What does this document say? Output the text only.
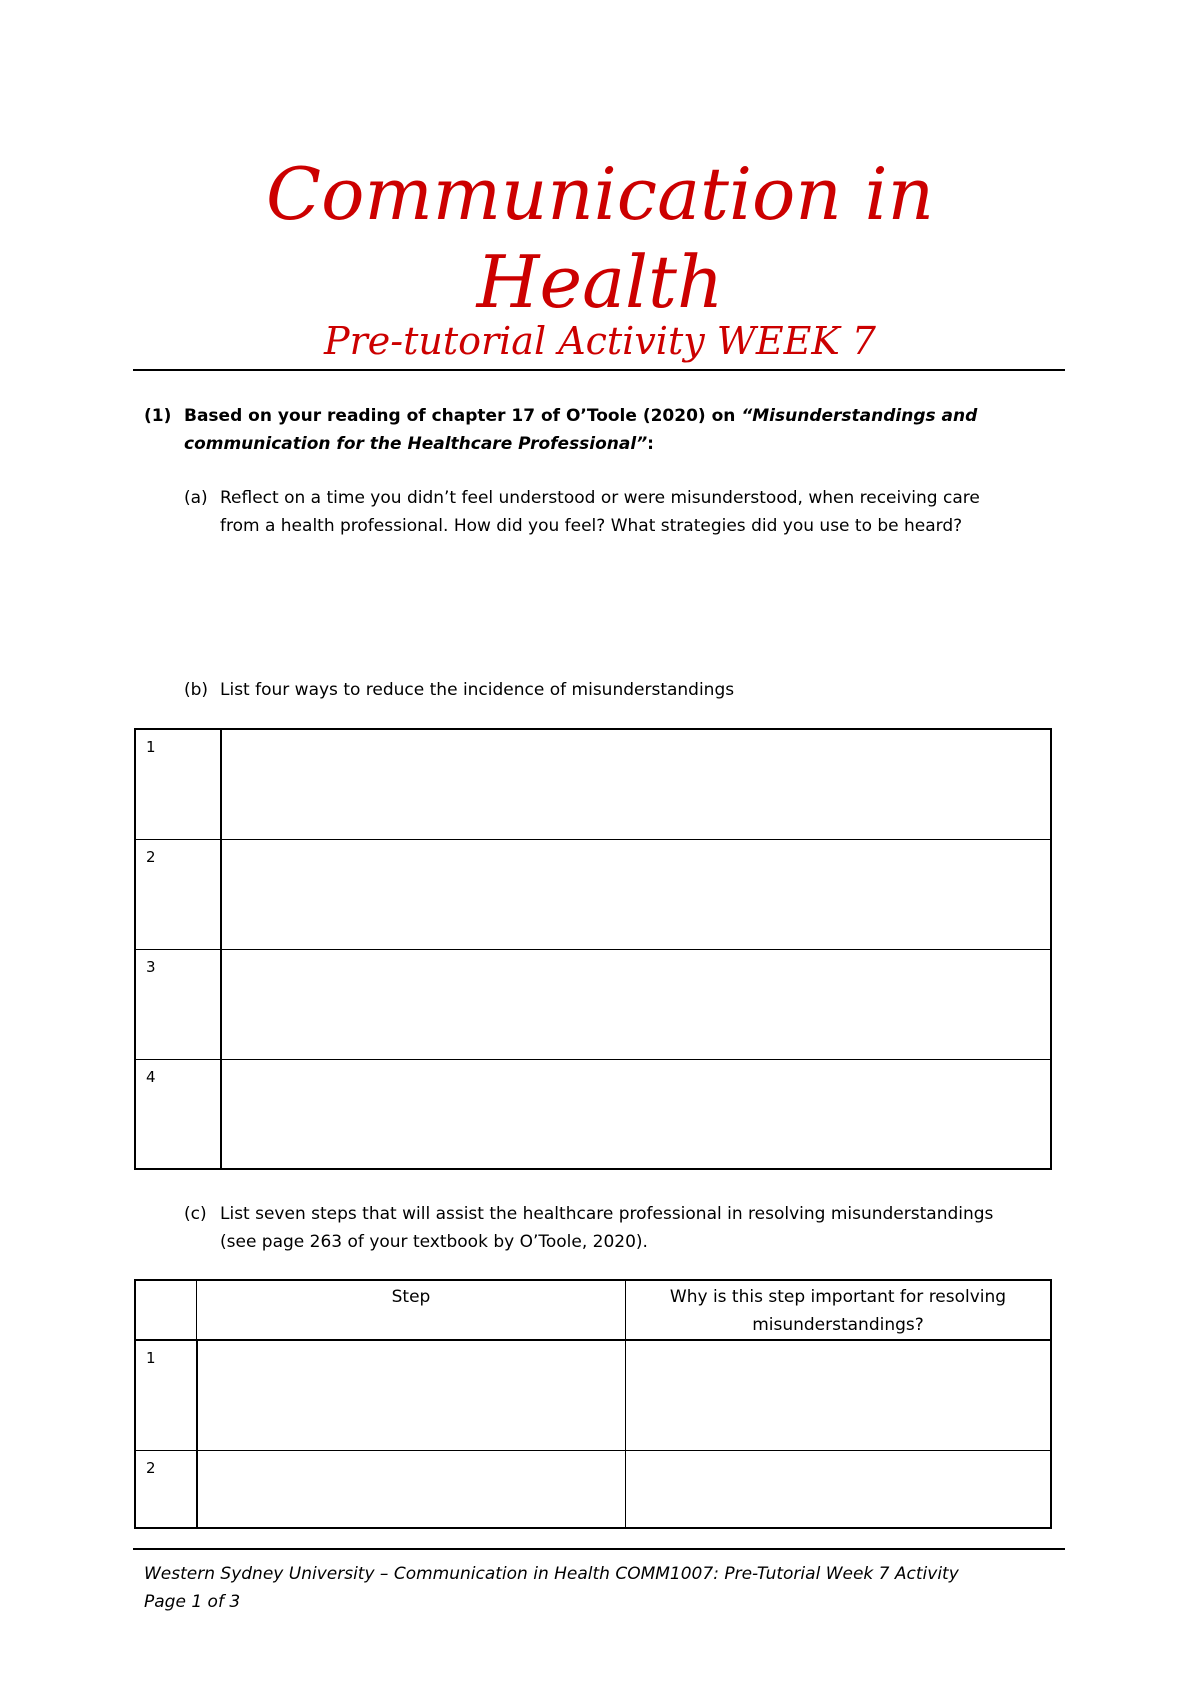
Communication in
Health
Pre-tutorial Activity WEEK 7
(1) Based on your reading of chapter 17 of O’Toole (2020) on “Misunderstandings and
communication for the Healthcare Professional”:
(a) Reflect on a time you didn’t feel understood or were misunderstood, when receiving care
from a health professional. How did you feel? What strategies did you use to be heard?
(b) List four ways to reduce the incidence of misunderstandings
1	
2	
3	
4	
(c) List seven steps that will assist the healthcare professional in resolving misunderstandings
(see page 263 of your textbook by O’Toole, 2020).
	Step	Why is this step important for resolving misunderstandings?
1		
2		
Western Sydney University – Communication in Health COMM1007: Pre-Tutorial Week 7 Activity
Page 1 of 3
